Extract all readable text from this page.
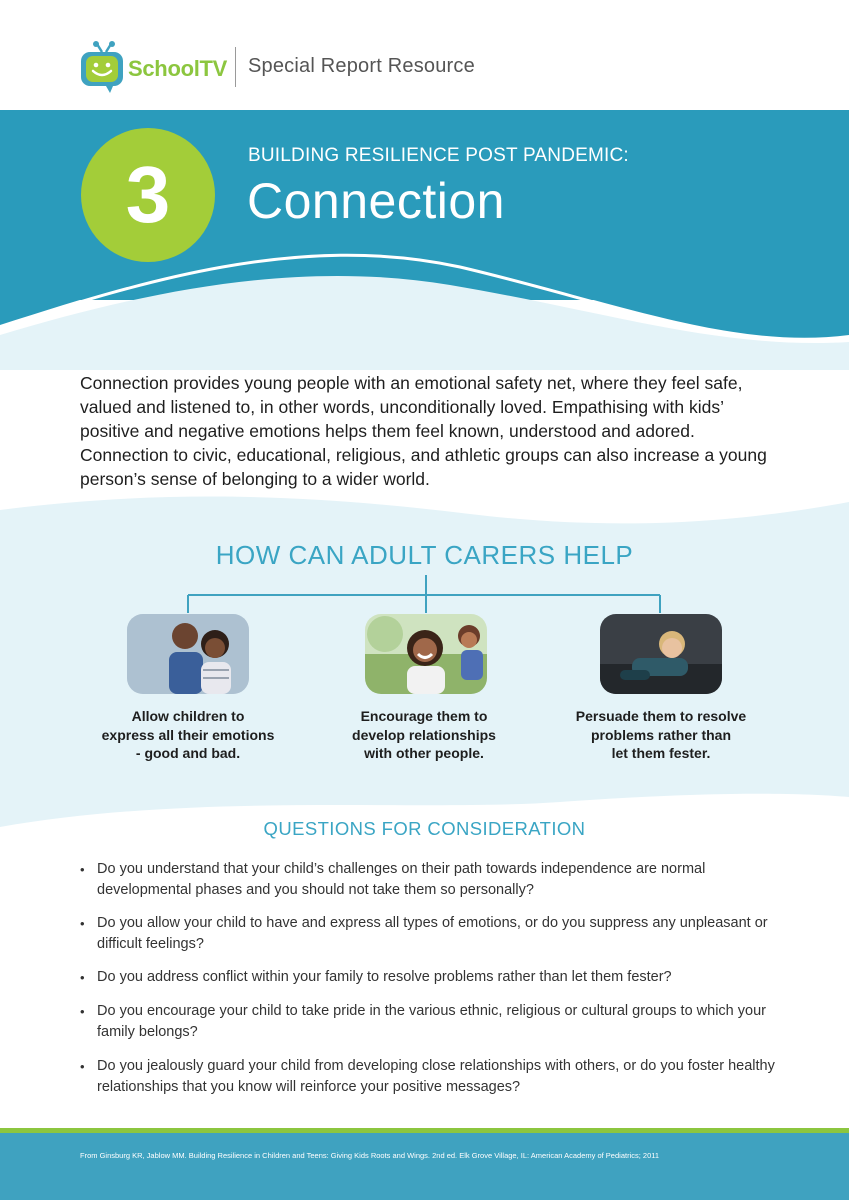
SchoolTV Special Report Resource
3	BUILDING RESILIENCE POST PANDEMIC:
Connection
Connection provides young people with an emotional safety net, where they feel safe, valued and listened to, in other words, unconditionally loved. Empathising with kids’ positive and negative emotions helps them feel known, understood and adored. Connection to civic, educational, religious, and athletic groups can also increase a young person’s sense of belonging to a wider world.
HOW CAN ADULT CARERS HELP
Allow children to
express all their emotions
- good and bad.
Encourage them to
develop relationships
with other people.
Persuade them to resolve
problems rather than
let them fester.
QUESTIONS FOR CONSIDERATION
• Do you understand that your child’s challenges on their path towards independence are normal developmental phases and you should not take them so personally?
• Do you allow your child to have and express all types of emotions, or do you suppress any unpleasant or difficult feelings?
• Do you address conflict within your family to resolve problems rather than let them fester?
• Do you encourage your child to take pride in the various ethnic, religious or cultural groups to which your family belongs?
• Do you jealously guard your child from developing close relationships with others, or do you foster healthy relationships that you know will reinforce your positive messages?
From Ginsburg KR, Jablow MM. Building Resilience in Children and Teens: Giving Kids Roots and Wings. 2nd ed. Elk Grove Village, IL: American Academy of Pediatrics; 2011
